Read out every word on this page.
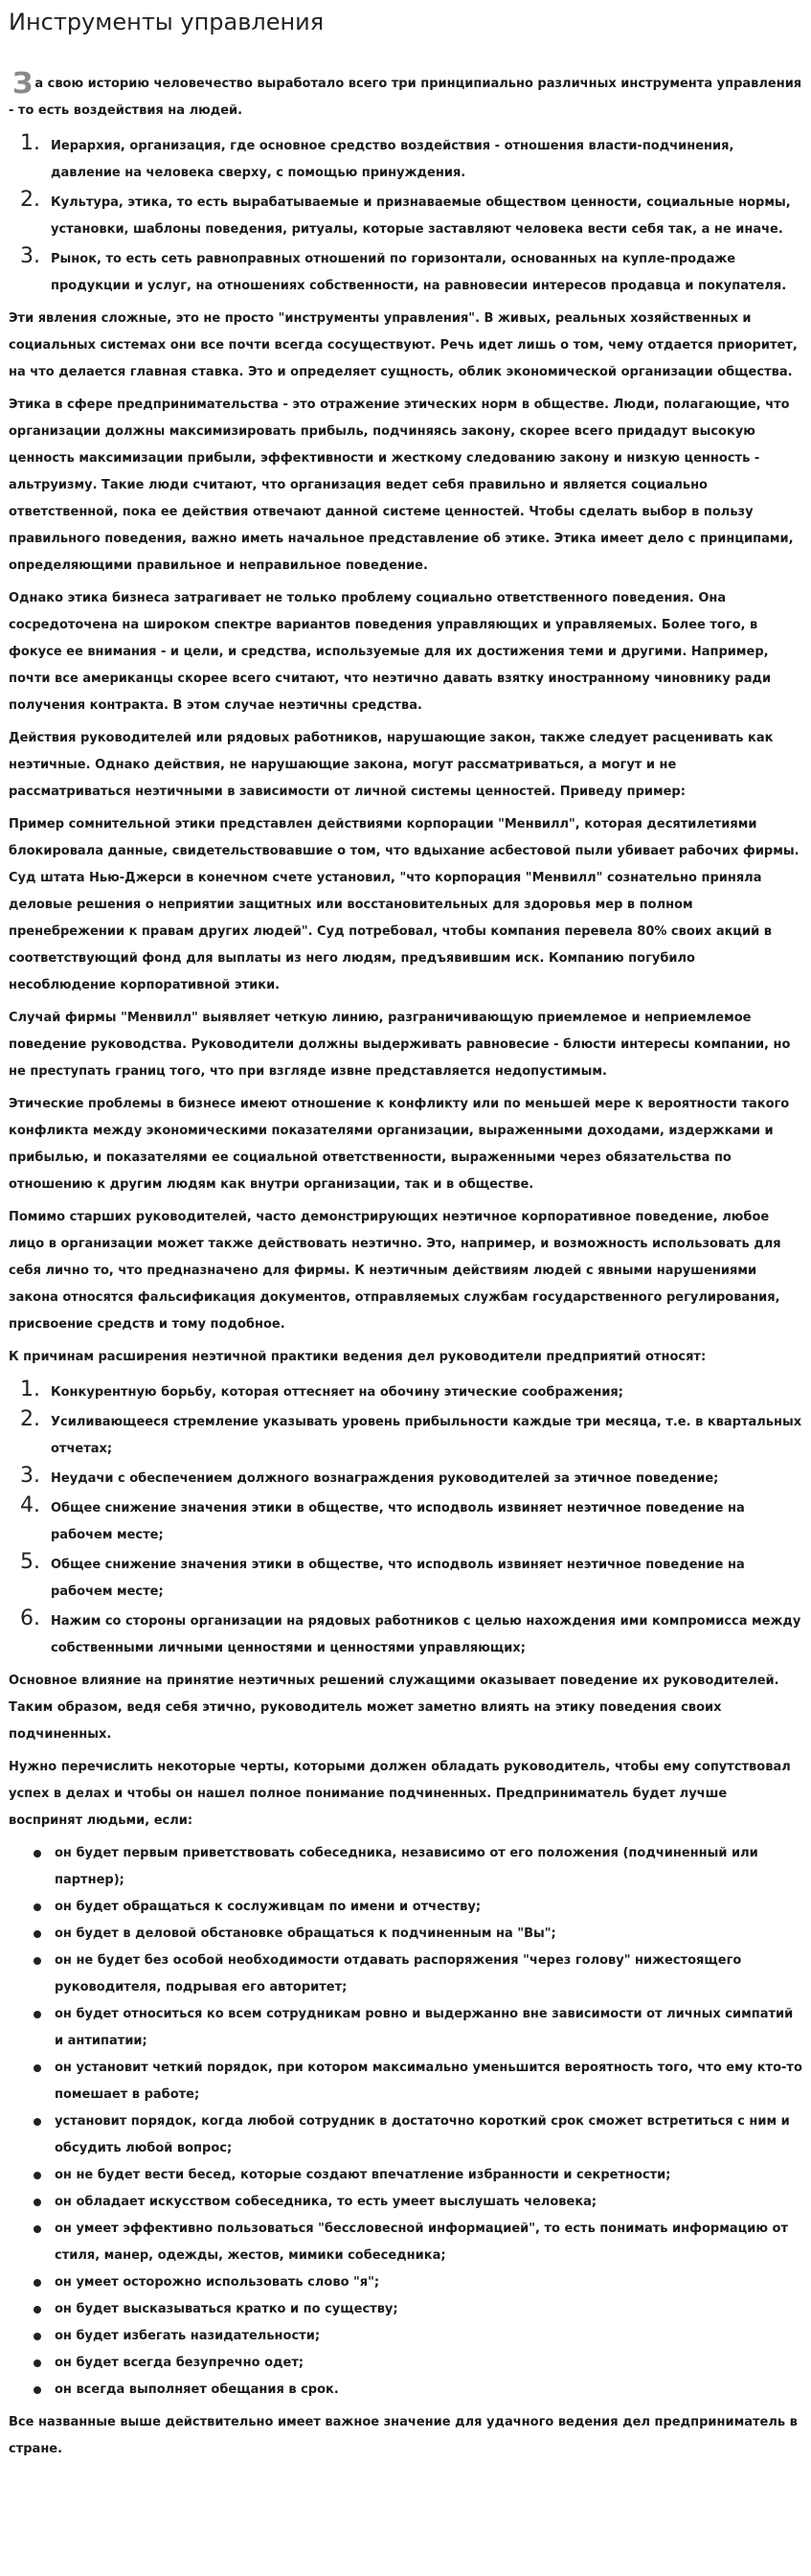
Инструменты управления

За свою историю человечество выработало всего три принципиально различных инструмента управления - то есть воздействия на людей.

1. Иерархия, организация, где основное средство воздействия - отношения власти-подчинения, давление на человека сверху, с помощью принуждения.
2. Культура, этика, то есть вырабатываемые и признаваемые обществом ценности, социальные нормы, установки, шаблоны поведения, ритуалы, которые заставляют человека вести себя так, а не иначе.
3. Рынок, то есть сеть равноправных отношений по горизонтали, основанных на купле-продаже продукции и услуг, на отношениях собственности, на равновесии интересов продавца и покупателя.

Эти явления сложные, это не просто "инструменты управления". В живых, реальных хозяйственных и социальных системах они все почти всегда сосуществуют. Речь идет лишь о том, чему отдается приоритет, на что делается главная ставка. Это и определяет сущность, облик экономической организации общества.

Этика в сфере предпринимательства - это отражение этических норм в обществе. Люди, полагающие, что организации должны максимизировать прибыль, подчиняясь закону, скорее всего придадут высокую ценность максимизации прибыли, эффективности и жесткому следованию закону и низкую ценность - альтруизму. Такие люди считают, что организация ведет себя правильно и является социально ответственной, пока ее действия отвечают данной системе ценностей. Чтобы сделать выбор в пользу правильного поведения, важно иметь начальное представление об этике. Этика имеет дело с принципами, определяющими правильное и неправильное поведение.

Однако этика бизнеса затрагивает не только проблему социально ответственного поведения. Она сосредоточена на широком спектре вариантов поведения управляющих и управляемых. Более того, в фокусе ее внимания - и цели, и средства, используемые для их достижения теми и другими. Например, почти все американцы скорее всего считают, что неэтично давать взятку иностранному чиновнику ради получения контракта. В этом случае неэтичны средства.

Действия руководителей или рядовых работников, нарушающие закон, также следует расценивать как неэтичные. Однако действия, не нарушающие закона, могут рассматриваться, а могут и не рассматриваться неэтичными в зависимости от личной системы ценностей. Приведу пример:

Пример сомнительной этики представлен действиями корпорации "Менвилл", которая десятилетиями блокировала данные, свидетельствовавшие о том, что вдыхание асбестовой пыли убивает рабочих фирмы. Суд штата Нью-Джерси в конечном счете установил, "что корпорация "Менвилл" сознательно приняла деловые решения о неприятии защитных или восстановительных для здоровья мер в полном пренебрежении к правам других людей". Суд потребовал, чтобы компания перевела 80% своих акций в соответствующий фонд для выплаты из него людям, предъявившим иск. Компанию погубило несоблюдение корпоративной этики.

Случай фирмы "Менвилл" выявляет четкую линию, разграничивающую приемлемое и неприемлемое поведение руководства. Руководители должны выдерживать равновесие - блюсти интересы компании, но не преступать границ того, что при взгляде извне представляется недопустимым.

Этические проблемы в бизнесе имеют отношение к конфликту или по меньшей мере к вероятности такого конфликта между экономическими показателями организации, выраженными доходами, издержками и прибылью, и показателями ее социальной ответственности, выраженными через обязательства по отношению к другим людям как внутри организации, так и в обществе.

Помимо старших руководителей, часто демонстрирующих неэтичное корпоративное поведение, любое лицо в организации может также действовать неэтично. Это, например, и возможность использовать для себя лично то, что предназначено для фирмы. К неэтичным действиям людей с явными нарушениями закона относятся фальсификация документов, отправляемых службам государственного регулирования, присвоение средств и тому подобное.

К причинам расширения неэтичной практики ведения дел руководители предприятий относят:

1. Конкурентную борьбу, которая оттесняет на обочину этические соображения;
2. Усиливающееся стремление указывать уровень прибыльности каждые три месяца, т.е. в квартальных отчетах;
3. Неудачи с обеспечением должного вознаграждения руководителей за этичное поведение;
4. Общее снижение значения этики в обществе, что исподволь извиняет неэтичное поведение на рабочем месте;
5. Общее снижение значения этики в обществе, что исподволь извиняет неэтичное поведение на рабочем месте;
6. Нажим со стороны организации на рядовых работников с целью нахождения ими компромисса между собственными личными ценностями и ценностями управляющих;

Основное влияние на принятие неэтичных решений служащими оказывает поведение их руководителей. Таким образом, ведя себя этично, руководитель может заметно влиять на этику поведения своих подчиненных.

Нужно перечислить некоторые черты, которыми должен обладать руководитель, чтобы ему сопутствовал успех в делах и чтобы он нашел полное понимание подчиненных. Предприниматель будет лучше воспринят людьми, если:

он будет первым приветствовать собеседника, независимо от его положения (подчиненный или партнер);
он будет обращаться к сослуживцам по имени и отчеству;
он будет в деловой обстановке обращаться к подчиненным на "Вы";
он не будет без особой необходимости отдавать распоряжения "через голову" нижестоящего руководителя, подрывая его авторитет;
он будет относиться ко всем сотрудникам ровно и выдержанно вне зависимости от личных симпатий и антипатии;
он установит четкий порядок, при котором максимально уменьшится вероятность того, что ему кто-то помешает в работе;
установит порядок, когда любой сотрудник в достаточно короткий срок сможет встретиться с ним и обсудить любой вопрос;
он не будет вести бесед, которые создают впечатление избранности и секретности;
он обладает искусством собеседника, то есть умеет выслушать человека;
он умеет эффективно пользоваться "бессловесной информацией", то есть понимать информацию от стиля, манер, одежды, жестов, мимики собеседника;
он умеет осторожно использовать слово "я";
он будет высказываться кратко и по существу;
он будет избегать назидательности;
он будет всегда безупречно одет;
он всегда выполняет обещания в срок.

Все названные выше действительно имеет важное значение для удачного ведения дел предприниматель в стране.
